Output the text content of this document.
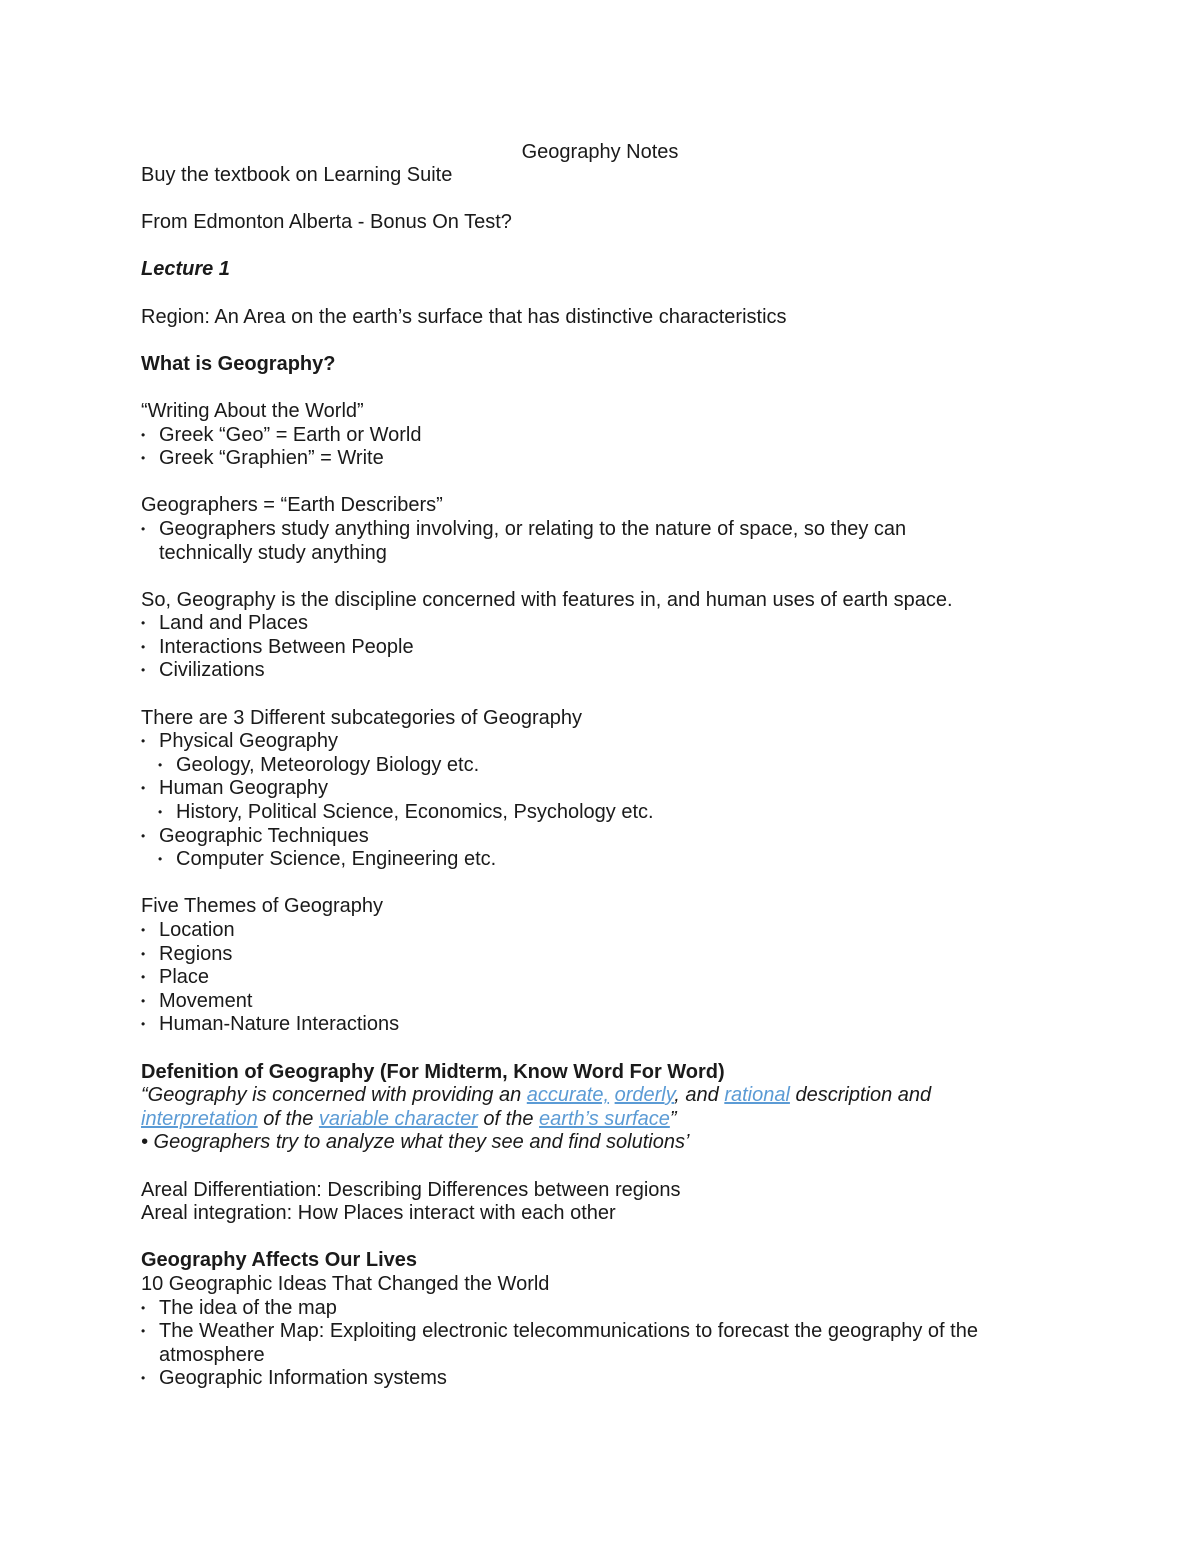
Geography Notes
Buy the textbook on Learning Suite
From Edmonton Alberta - Bonus On Test?
Lecture 1
Region: An Area on the earth’s surface that has distinctive characteristics
What is Geography?
“Writing About the World”
• Greek “Geo” = Earth or World
• Greek “Graphien” = Write
Geographers = “Earth Describers”
• Geographers study anything involving, or relating to the nature of space, so they can
technically study anything
So, Geography is the discipline concerned with features in, and human uses of earth space.
• Land and Places
• Interactions Between People
• Civilizations
There are 3 Different subcategories of Geography
• Physical Geography
• Geology, Meteorology Biology etc.
• Human Geography
• History, Political Science, Economics, Psychology etc.
• Geographic Techniques
• Computer Science, Engineering etc.
Five Themes of Geography
• Location
• Regions
• Place
• Movement
• Human-Nature Interactions
Defenition of Geography (For Midterm, Know Word For Word)
“Geography is concerned with providing an accurate, orderly, and rational description and
interpretation of the variable character of the earth’s surface”
• Geographers try to analyze what they see and find solutions’
Areal Differentiation: Describing Differences between regions
Areal integration: How Places interact with each other
Geography Affects Our Lives
10 Geographic Ideas That Changed the World
• The idea of the map
• The Weather Map: Exploiting electronic telecommunications to forecast the geography of the
atmosphere
• Geographic Information systems
